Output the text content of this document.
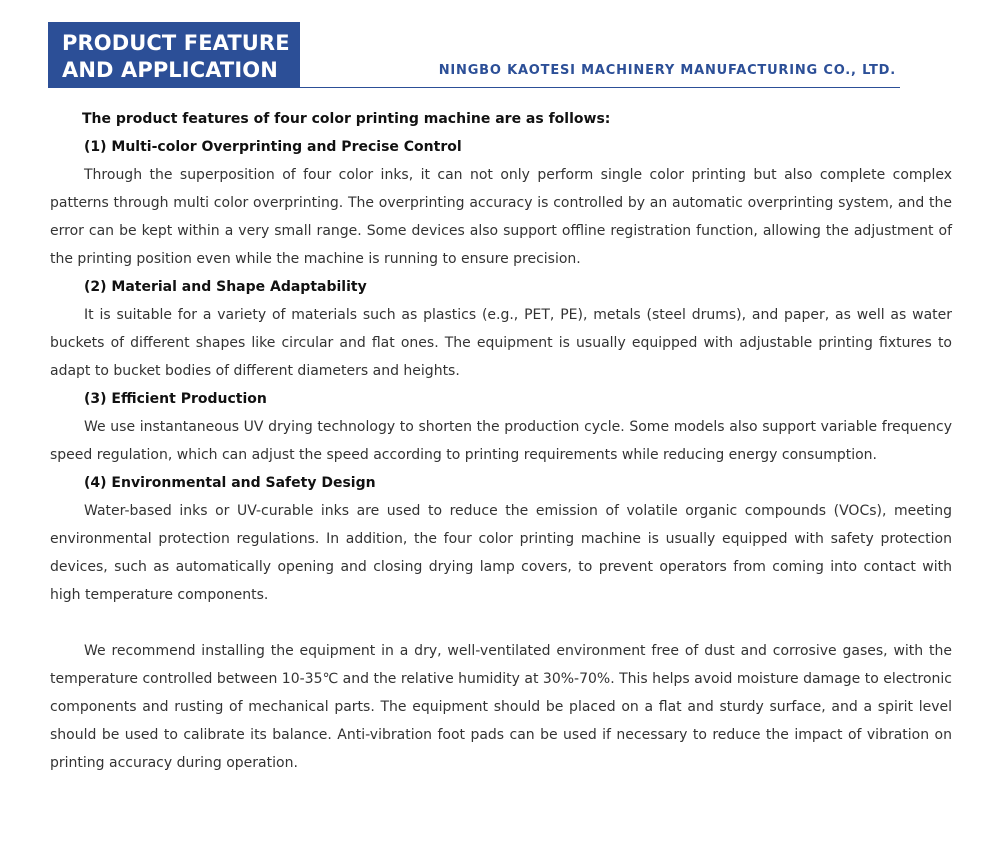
PRODUCT FEATURE
AND APPLICATION	NINGBO KAOTESI MACHINERY MANUFACTURING CO., LTD.

The product features of four color printing machine are as follows:

(1) Multi-color Overprinting and Precise Control

Through the superposition of four color inks, it can not only perform single color printing but also complete complex patterns through multi color overprinting. The overprinting accuracy is controlled by an automatic overprinting system, and the error can be kept within a very small range. Some devices also support offline registration function, allowing the adjustment of the printing position even while the machine is running to ensure precision.

(2) Material and Shape Adaptability

It is suitable for a variety of materials such as plastics (e.g., PET, PE), metals (steel drums), and paper, as well as water buckets of different shapes like circular and flat ones. The equipment is usually equipped with adjustable printing fixtures to adapt to bucket bodies of different diameters and heights.

(3) Efficient Production

We use instantaneous UV drying technology to shorten the production cycle. Some models also support variable frequency speed regulation, which can adjust the speed according to printing requirements while reducing energy consumption.

(4) Environmental and Safety Design

Water-based inks or UV-curable inks are used to reduce the emission of volatile organic compounds (VOCs), meeting environmental protection regulations. In addition, the four color printing machine is usually equipped with safety protection devices, such as automatically opening and closing drying lamp covers, to prevent operators from coming into contact with high temperature components.

We recommend installing the equipment in a dry, well-ventilated environment free of dust and corrosive gases, with the temperature controlled between 10-35℃ and the relative humidity at 30%-70%. This helps avoid moisture damage to electronic components and rusting of mechanical parts. The equipment should be placed on a flat and sturdy surface, and a spirit level should be used to calibrate its balance. Anti-vibration foot pads can be used if necessary to reduce the impact of vibration on printing accuracy during operation.
